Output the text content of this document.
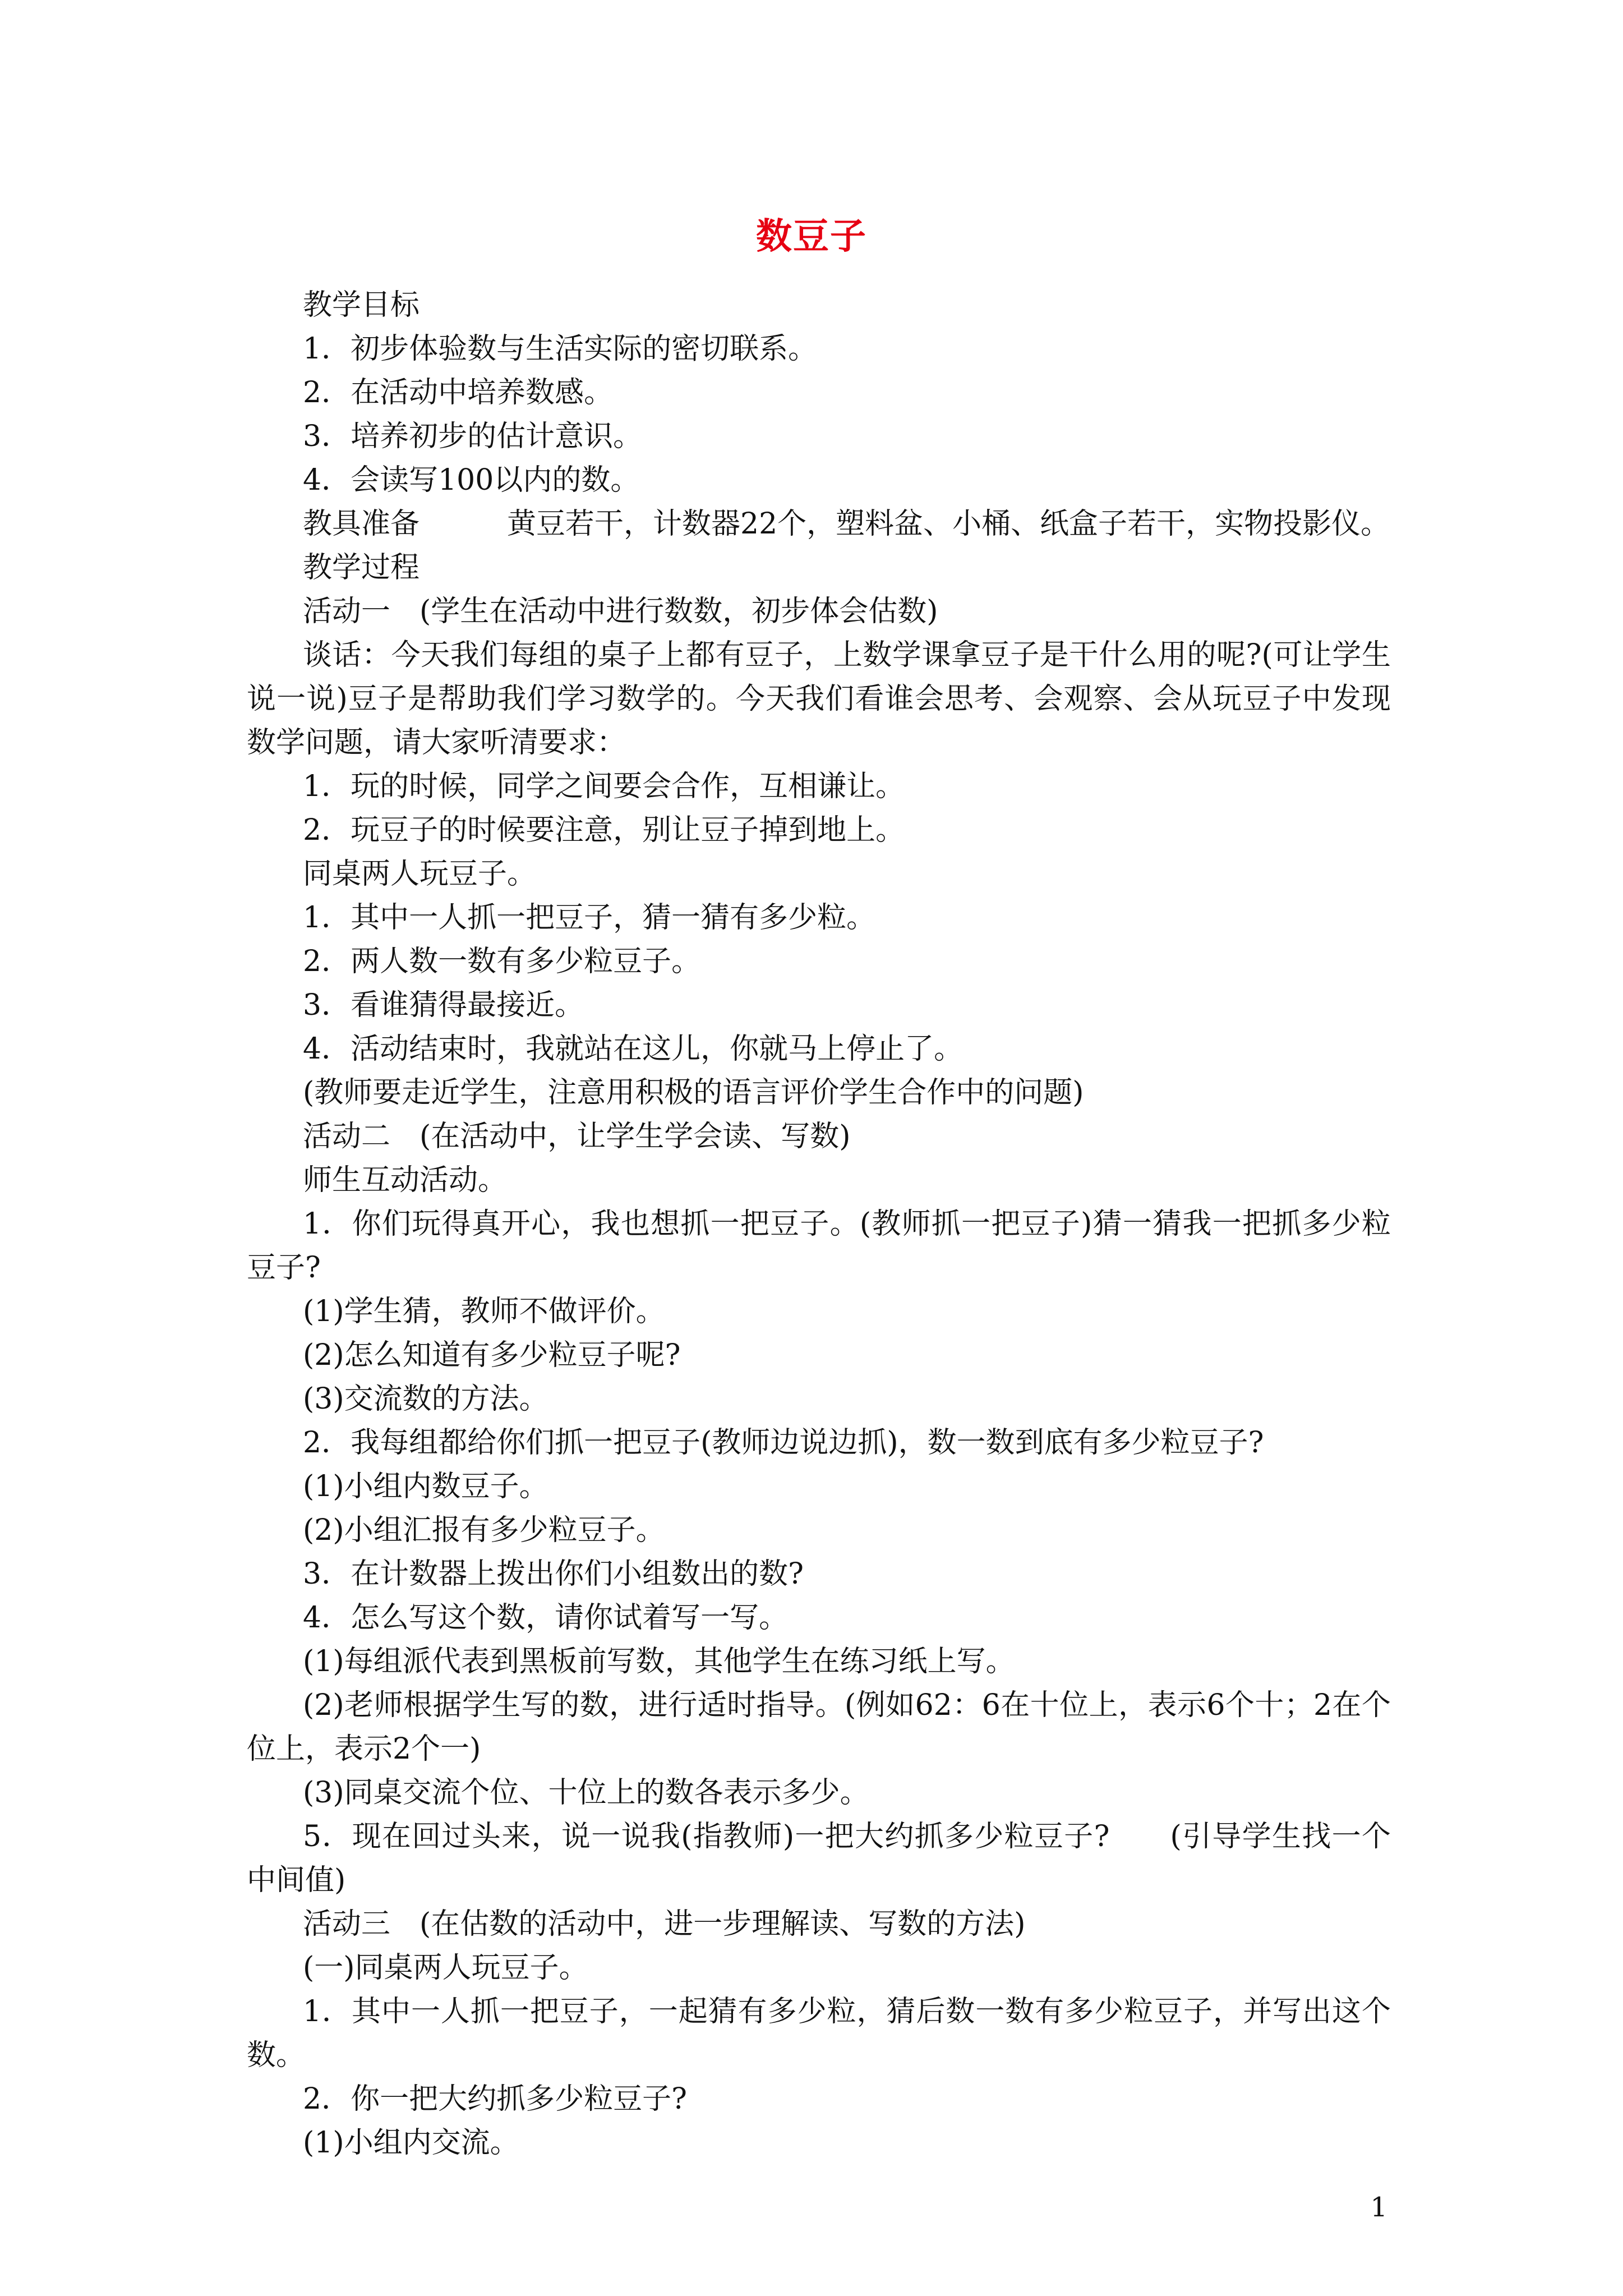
数豆子

教学目标

1．初步体验数与生活实际的密切联系。

2．在活动中培养数感。

3．培养初步的估计意识。

4．会读写100以内的数。

教具准备　　　黄豆若干，计数器22个，塑料盆、小桶、纸盒子若干，实物投影仪。

教学过程

活动一　(学生在活动中进行数数，初步体会估数)

谈话：今天我们每组的桌子上都有豆子，上数学课拿豆子是干什么用的呢?(可让学生说一说)豆子是帮助我们学习数学的。今天我们看谁会思考、会观察、会从玩豆子中发现数学问题，请大家听清要求：

1．玩的时候，同学之间要会合作，互相谦让。

2．玩豆子的时候要注意，别让豆子掉到地上。

同桌两人玩豆子。

1．其中一人抓一把豆子，猜一猜有多少粒。

2．两人数一数有多少粒豆子。

3．看谁猜得最接近。

4．活动结束时，我就站在这儿，你就马上停止了。

(教师要走近学生，注意用积极的语言评价学生合作中的问题)

活动二　(在活动中，让学生学会读、写数)

师生互动活动。

1．你们玩得真开心，我也想抓一把豆子。(教师抓一把豆子)猜一猜我一把抓多少粒豆子?

(1)学生猜，教师不做评价。

(2)怎么知道有多少粒豆子呢?

(3)交流数的方法。

2．我每组都给你们抓一把豆子(教师边说边抓)，数一数到底有多少粒豆子?

(1)小组内数豆子。

(2)小组汇报有多少粒豆子。

3．在计数器上拨出你们小组数出的数?

4．怎么写这个数，请你试着写一写。

(1)每组派代表到黑板前写数，其他学生在练习纸上写。

(2)老师根据学生写的数，进行适时指导。(例如62：6在十位上，表示6个十；2在个位上，表示2个一)

(3)同桌交流个位、十位上的数各表示多少。

5．现在回过头来，说一说我(指教师)一把大约抓多少粒豆子?　　(引导学生找一个中间值)

活动三　(在估数的活动中，进一步理解读、写数的方法)

(一)同桌两人玩豆子。

1．其中一人抓一把豆子，一起猜有多少粒，猜后数一数有多少粒豆子，并写出这个数。

2．你一把大约抓多少粒豆子?

(1)小组内交流。

1
